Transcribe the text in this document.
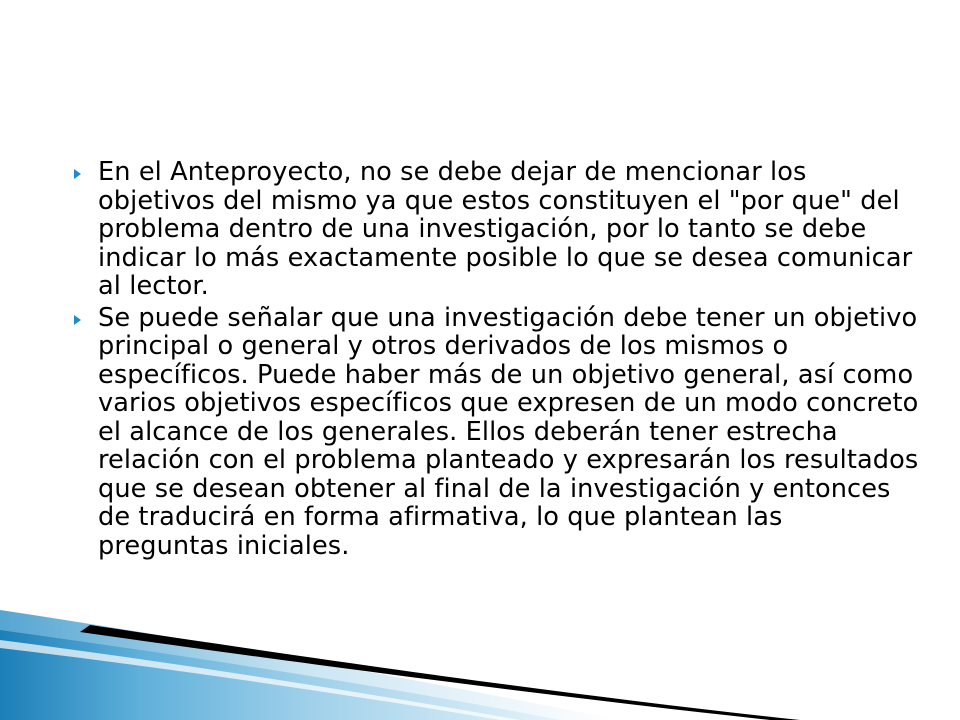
En el Anteproyecto, no se debe dejar de mencionar los objetivos del mismo ya que estos constituyen el "por que" del problema dentro de una investigación, por lo tanto se debe indicar lo más exactamente posible lo que se desea comunicar al lector.
Se puede señalar que una investigación debe tener un objetivo principal o general y otros derivados de los mismos o específicos. Puede haber más de un objetivo general, así como varios objetivos específicos que expresen de un modo concreto el alcance de los generales. Ellos deberán tener estrecha relación con el problema planteado y expresarán los resultados que se desean obtener al final de la investigación y entonces de traducirá en forma afirmativa, lo que plantean las preguntas iniciales.
